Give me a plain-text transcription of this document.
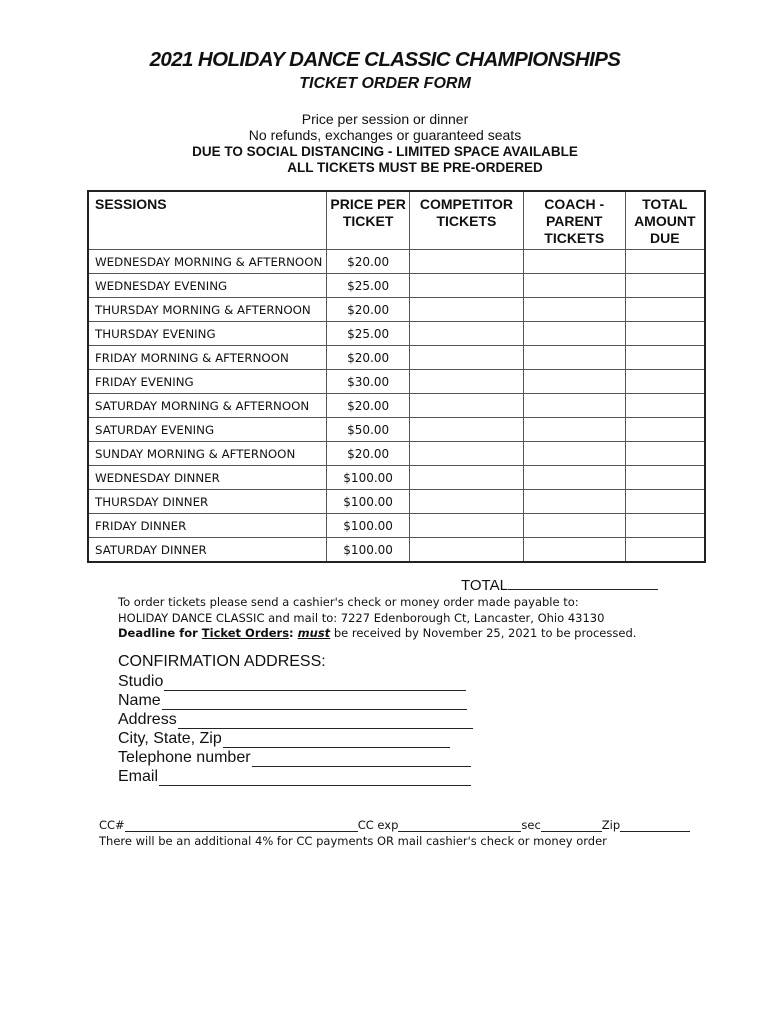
2021 HOLIDAY DANCE CLASSIC CHAMPIONSHIPS
TICKET ORDER FORM
Price per session or dinner
No refunds, exchanges or guaranteed seats
DUE TO SOCIAL DISTANCING - LIMITED SPACE AVAILABLE
ALL TICKETS MUST BE PRE-ORDERED
SESSIONS	PRICE PER TICKET	COMPETITOR TICKETS	COACH - PARENT TICKETS	TOTAL AMOUNT DUE
WEDNESDAY MORNING & AFTERNOON	$20.00			
WEDNESDAY EVENING	$25.00			
THURSDAY MORNING & AFTERNOON	$20.00			
THURSDAY EVENING	$25.00			
FRIDAY MORNING & AFTERNOON	$20.00			
FRIDAY EVENING	$30.00			
SATURDAY MORNING & AFTERNOON	$20.00			
SATURDAY EVENING	$50.00			
SUNDAY MORNING & AFTERNOON	$20.00			
WEDNESDAY DINNER	$100.00			
THURSDAY DINNER	$100.00			
FRIDAY DINNER	$100.00			
SATURDAY DINNER	$100.00			
TOTAL
To order tickets please send a cashier's check or money order made payable to:
HOLIDAY DANCE CLASSIC and mail to: 7227 Edenborough Ct, Lancaster, Ohio 43130
Deadline for Ticket Orders: must be received by November 25, 2021 to be processed.
CONFIRMATION ADDRESS:
Studio
Name
Address
City, State, Zip
Telephone number
Email
CC#	CC exp	sec	Zip
There will be an additional 4% for CC payments OR mail cashier's check or money order
